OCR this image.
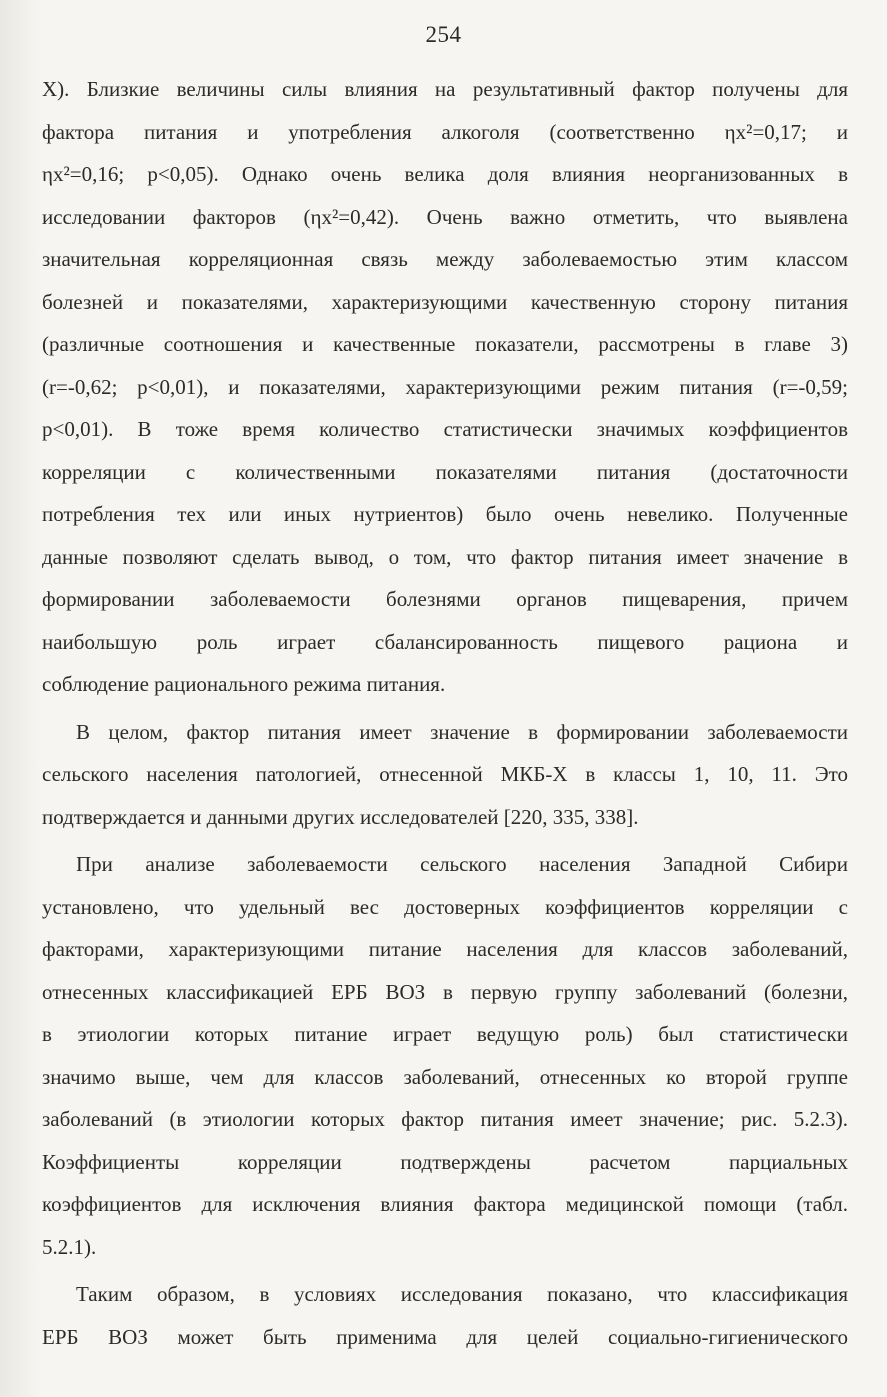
254
X). Близкие величины силы влияния на результативный фактор получены для
фактора питания и употребления алкоголя (соответственно ηх²=0,17; и
ηх²=0,16; p<0,05). Однако очень велика доля влияния неорганизованных в
исследовании факторов (ηх²=0,42). Очень важно отметить, что выявлена
значительная корреляционная связь между заболеваемостью этим классом
болезней и показателями, характеризующими качественную сторону питания
(различные соотношения и качественные показатели, рассмотрены в главе 3)
(r=-0,62; p<0,01), и показателями, характеризующими режим питания (r=-0,59;
p<0,01). В тоже время количество статистически значимых коэффициентов
корреляции с количественными показателями питания (достаточности
потребления тех или иных нутриентов) было очень невелико. Полученные
данные позволяют сделать вывод, о том, что фактор питания имеет значение в
формировании заболеваемости болезнями органов пищеварения, причем
наибольшую роль играет сбалансированность пищевого рациона и
соблюдение рационального режима питания.
В целом, фактор питания имеет значение в формировании заболеваемости
сельского населения патологией, отнесенной МКБ-Х в классы 1, 10, 11. Это
подтверждается и данными других исследователей [220, 335, 338].
При анализе заболеваемости сельского населения Западной Сибири
установлено, что удельный вес достоверных коэффициентов корреляции с
факторами, характеризующими питание населения для классов заболеваний,
отнесенных классификацией ЕРБ ВОЗ в первую группу заболеваний (болезни,
в этиологии которых питание играет ведущую роль) был статистически
значимо выше, чем для классов заболеваний, отнесенных ко второй группе
заболеваний (в этиологии которых фактор питания имеет значение; рис. 5.2.3).
Коэффициенты корреляции подтверждены расчетом парциальных
коэффициентов для исключения влияния фактора медицинской помощи (табл.
5.2.1).
Таким образом, в условиях исследования показано, что классификация
ЕРБ ВОЗ может быть применима для целей социально-гигиенического
